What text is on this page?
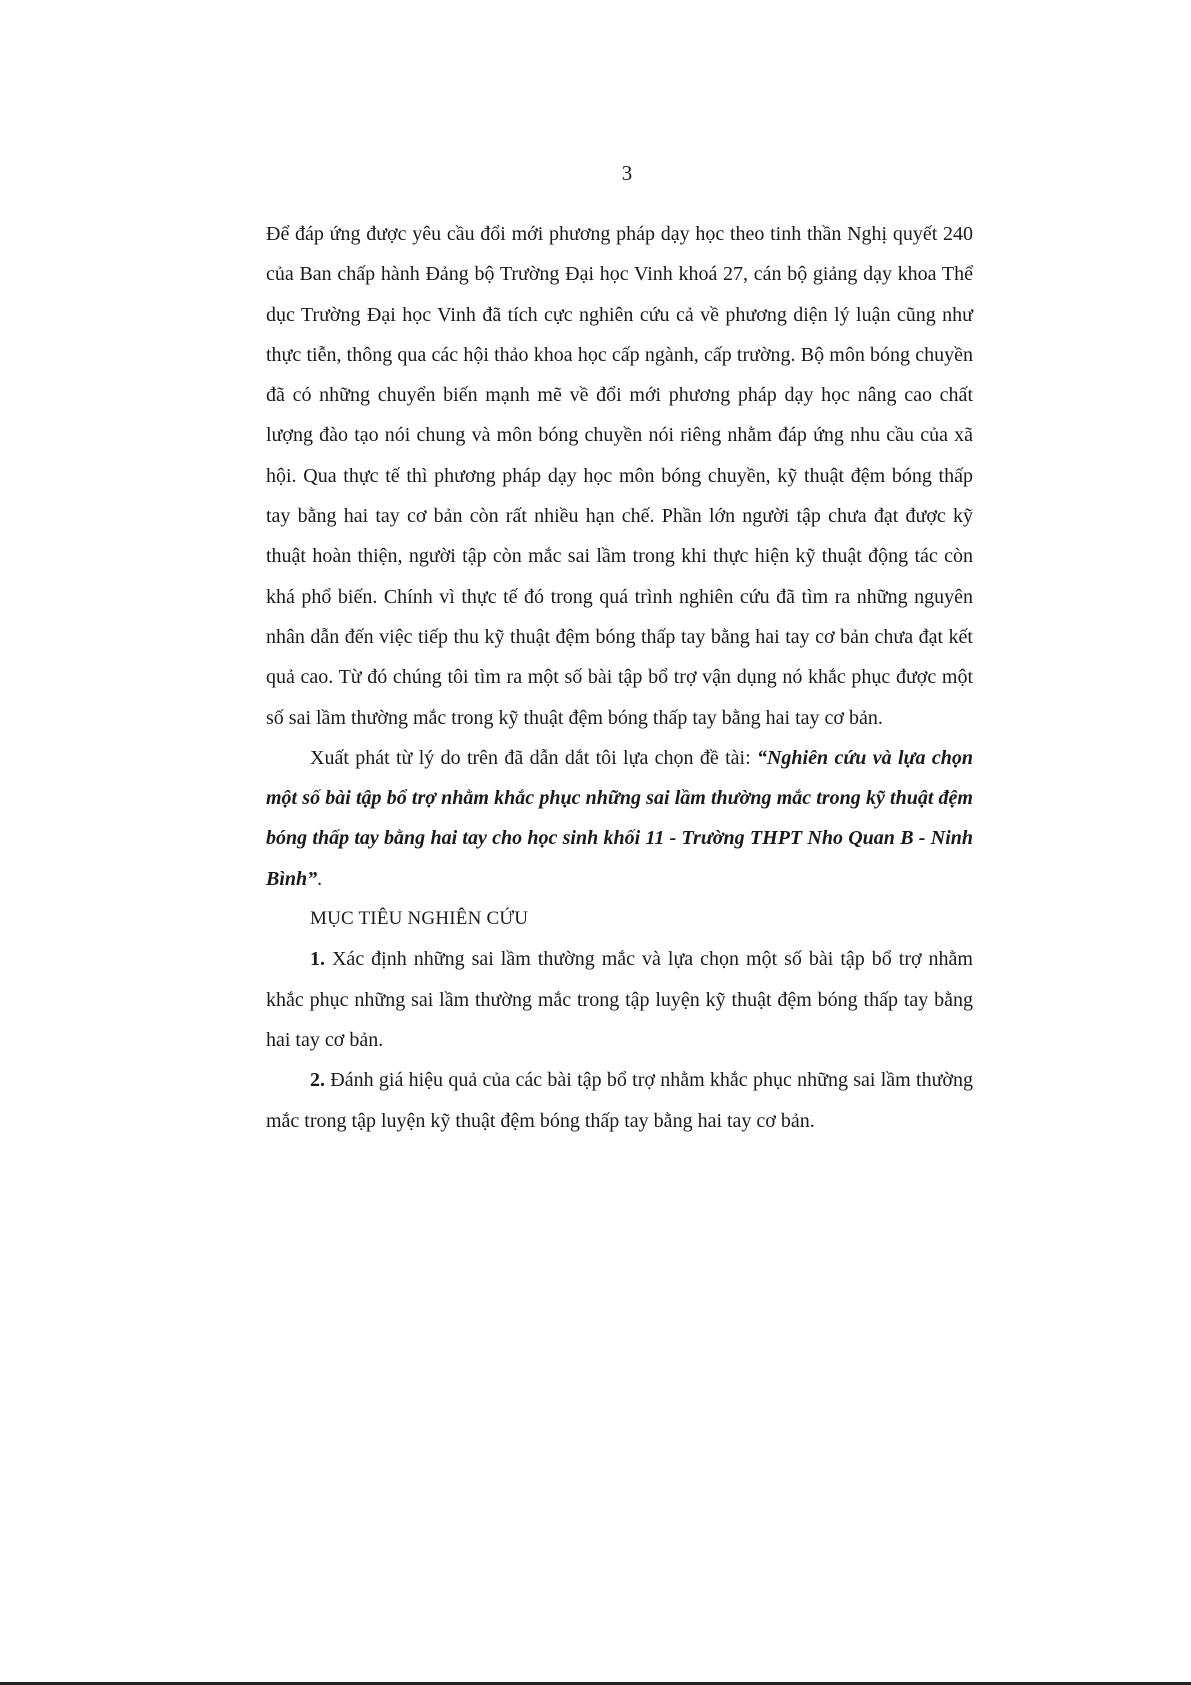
3

Để đáp ứng được yêu cầu đổi mới phương pháp dạy học theo tinh thần Nghị quyết 240 của Ban chấp hành Đảng bộ Trường Đại học Vinh khoá 27, cán bộ giảng dạy khoa Thể dục Trường Đại học Vinh đã tích cực nghiên cứu cả về phương diện lý luận cũng như thực tiễn, thông qua các hội thảo khoa học cấp ngành, cấp trường. Bộ môn bóng chuyền đã có những chuyển biến mạnh mẽ về đổi mới phương pháp dạy học nâng cao chất lượng đào tạo nói chung và môn bóng chuyền nói riêng nhằm đáp ứng nhu cầu của xã hội. Qua thực tế thì phương pháp dạy học môn bóng chuyền, kỹ thuật đệm bóng thấp tay bằng hai tay cơ bản còn rất nhiều hạn chế. Phần lớn người tập chưa đạt được kỹ thuật hoàn thiện, người tập còn mắc sai lầm trong khi thực hiện kỹ thuật động tác còn khá phổ biến. Chính vì thực tế đó trong quá trình nghiên cứu đã tìm ra những nguyên nhân dẫn đến việc tiếp thu kỹ thuật đệm bóng thấp tay bằng hai tay cơ bản chưa đạt kết quả cao. Từ đó chúng tôi tìm ra một số bài tập bổ trợ vận dụng nó khắc phục được một số sai lầm thường mắc trong kỹ thuật đệm bóng thấp tay bằng hai tay cơ bản.

Xuất phát từ lý do trên đã dẫn dắt tôi lựa chọn đề tài: “Nghiên cứu và lựa chọn một số bài tập bổ trợ nhằm khắc phục những sai lầm thường mắc trong kỹ thuật đệm bóng thấp tay bằng hai tay cho học sinh khối 11 - Trường THPT Nho Quan B - Ninh Bình”.

MỤC TIÊU NGHIÊN CỨU

1. Xác định những sai lầm thường mắc và lựa chọn một số bài tập bổ trợ nhằm khắc phục những sai lầm thường mắc trong tập luyện kỹ thuật đệm bóng thấp tay bằng hai tay cơ bản.

2. Đánh giá hiệu quả của các bài tập bổ trợ nhằm khắc phục những sai lầm thường mắc trong tập luyện kỹ thuật đệm bóng thấp tay bằng hai tay cơ bản.
